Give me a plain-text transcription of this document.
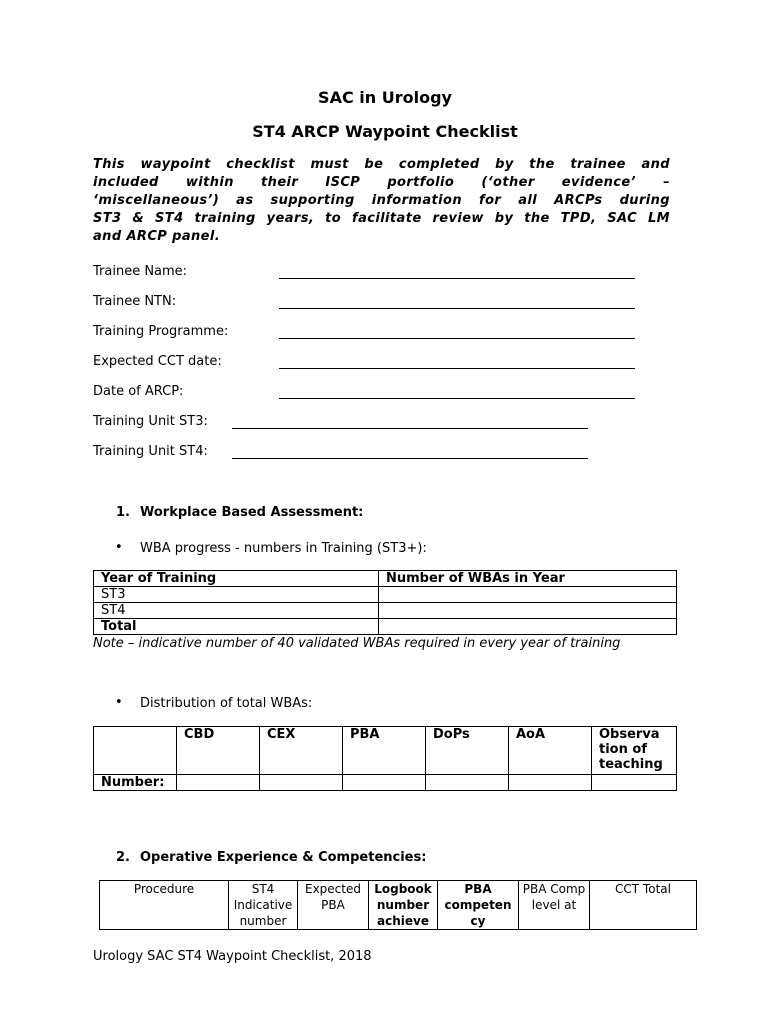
SAC in Urology
ST4 ARCP Waypoint Checklist
This waypoint checklist must be completed by the trainee and
included within their ISCP portfolio (‘other evidence’ –
‘miscellaneous’) as supporting information for all ARCPs during
ST3 & ST4 training years, to facilitate review by the TPD, SAC LM
and ARCP panel.
Trainee Name:
Trainee NTN:
Training Programme:
Expected CCT date:
Date of ARCP:
Training Unit ST3:
Training Unit ST4:
1. Workplace Based Assessment:
• WBA progress - numbers in Training (ST3+):
Year of Training	Number of WBAs in Year
ST3	
ST4	
Total	
Note – indicative number of 40 validated WBAs required in every year of training
• Distribution of total WBAs:
	CBD	CEX	PBA	DoPs	AoA	Observa tion of teaching
Number:						
2. Operative Experience & Competencies:
Procedure	ST4 Indicative number	Expected PBA	Logbook number achieve	PBA competen cy	PBA Comp level at	CCT Total
Urology SAC ST4 Waypoint Checklist, 2018
